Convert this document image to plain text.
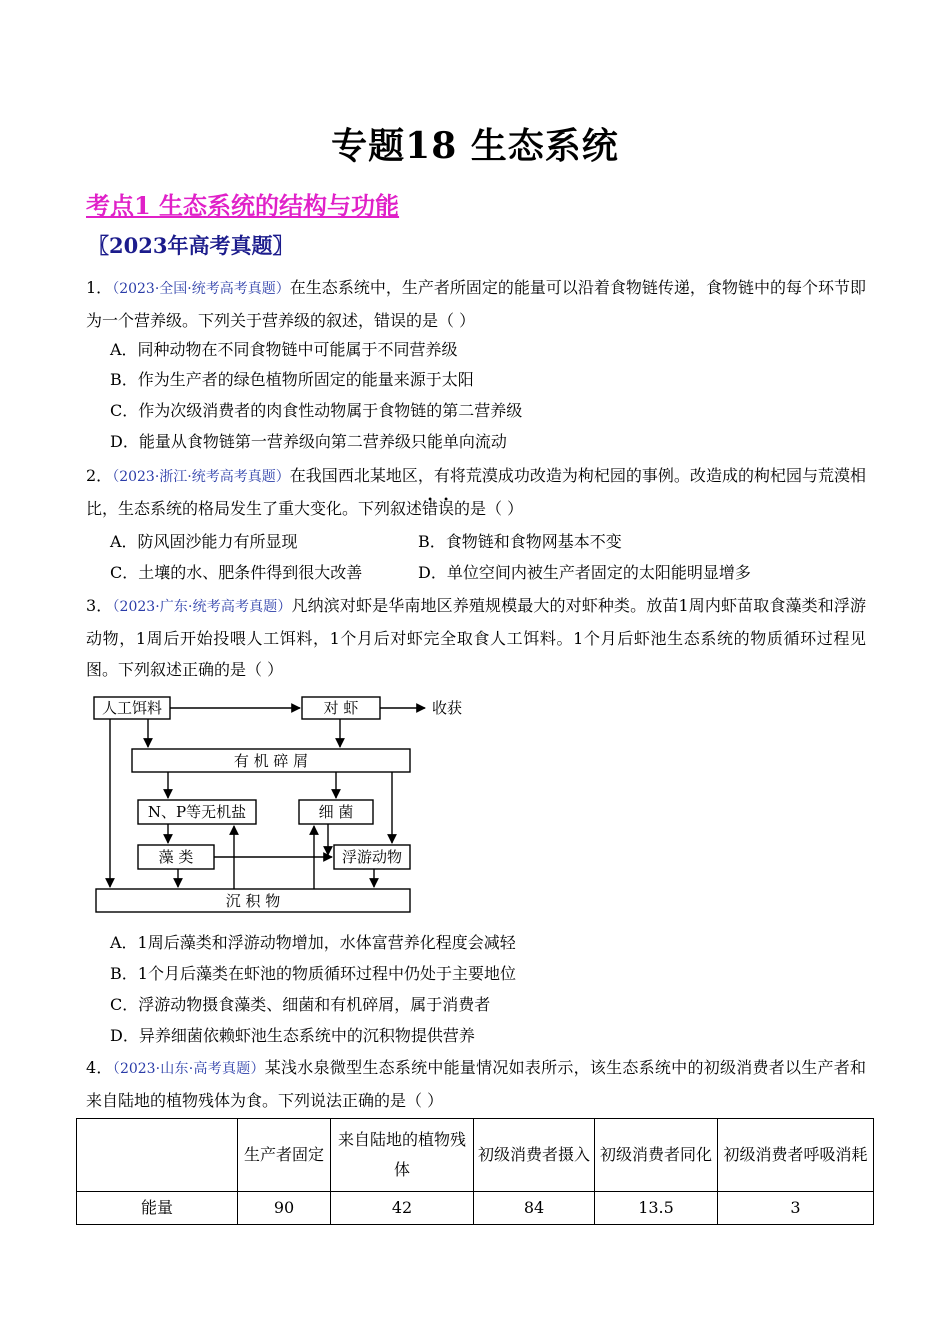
专题18 生态系统
考点1 生态系统的结构与功能
〖2023年高考真题〗
1．（2023·全国·统考高考真题）在生态系统中，生产者所固定的能量可以沿着食物链传递，食物链中的每个环节即为一个营养级。下列关于营养级的叙述，错误的是（ ）
A．同种动物在不同食物链中可能属于不同营养级
B．作为生产者的绿色植物所固定的能量来源于太阳
C．作为次级消费者的肉食性动物属于食物链的第二营养级
D．能量从食物链第一营养级向第二营养级只能单向流动
2．（2023·浙江·统考高考真题）在我国西北某地区，有将荒漠成功改造为枸杞园的事例。改造成的枸杞园与荒漠相比，生态系统的格局发生了重大变化。下列叙述错误的是（ ）
A．防风固沙能力有所显现	B．食物链和食物网基本不变
C．土壤的水、肥条件得到很大改善	D．单位空间内被生产者固定的太阳能明显增多
3．（2023·广东·统考高考真题）凡纳滨对虾是华南地区养殖规模最大的对虾种类。放苗1周内虾苗取食藻类和浮游动物，1周后开始投喂人工饵料，1个月后对虾完全取食人工饵料。1个月后虾池生态系统的物质循环过程见图。下列叙述正确的是（ ）
人工饵料	对 虾	收获
有 机 碎 屑
N、P等无机盐	细 菌
藻 类	浮游动物
沉 积 物
A．1周后藻类和浮游动物增加，水体富营养化程度会减轻
B．1个月后藻类在虾池的物质循环过程中仍处于主要地位
C．浮游动物摄食藻类、细菌和有机碎屑，属于消费者
D．异养细菌依赖虾池生态系统中的沉积物提供营养
4．（2023·山东·高考真题）某浅水泉微型生态系统中能量情况如表所示，该生态系统中的初级消费者以生产者和来自陆地的植物残体为食。下列说法正确的是（ ）
	生产者固定	来自陆地的植物残体	初级消费者摄入	初级消费者同化	初级消费者呼吸消耗
能量	90	42	84	13.5	3
